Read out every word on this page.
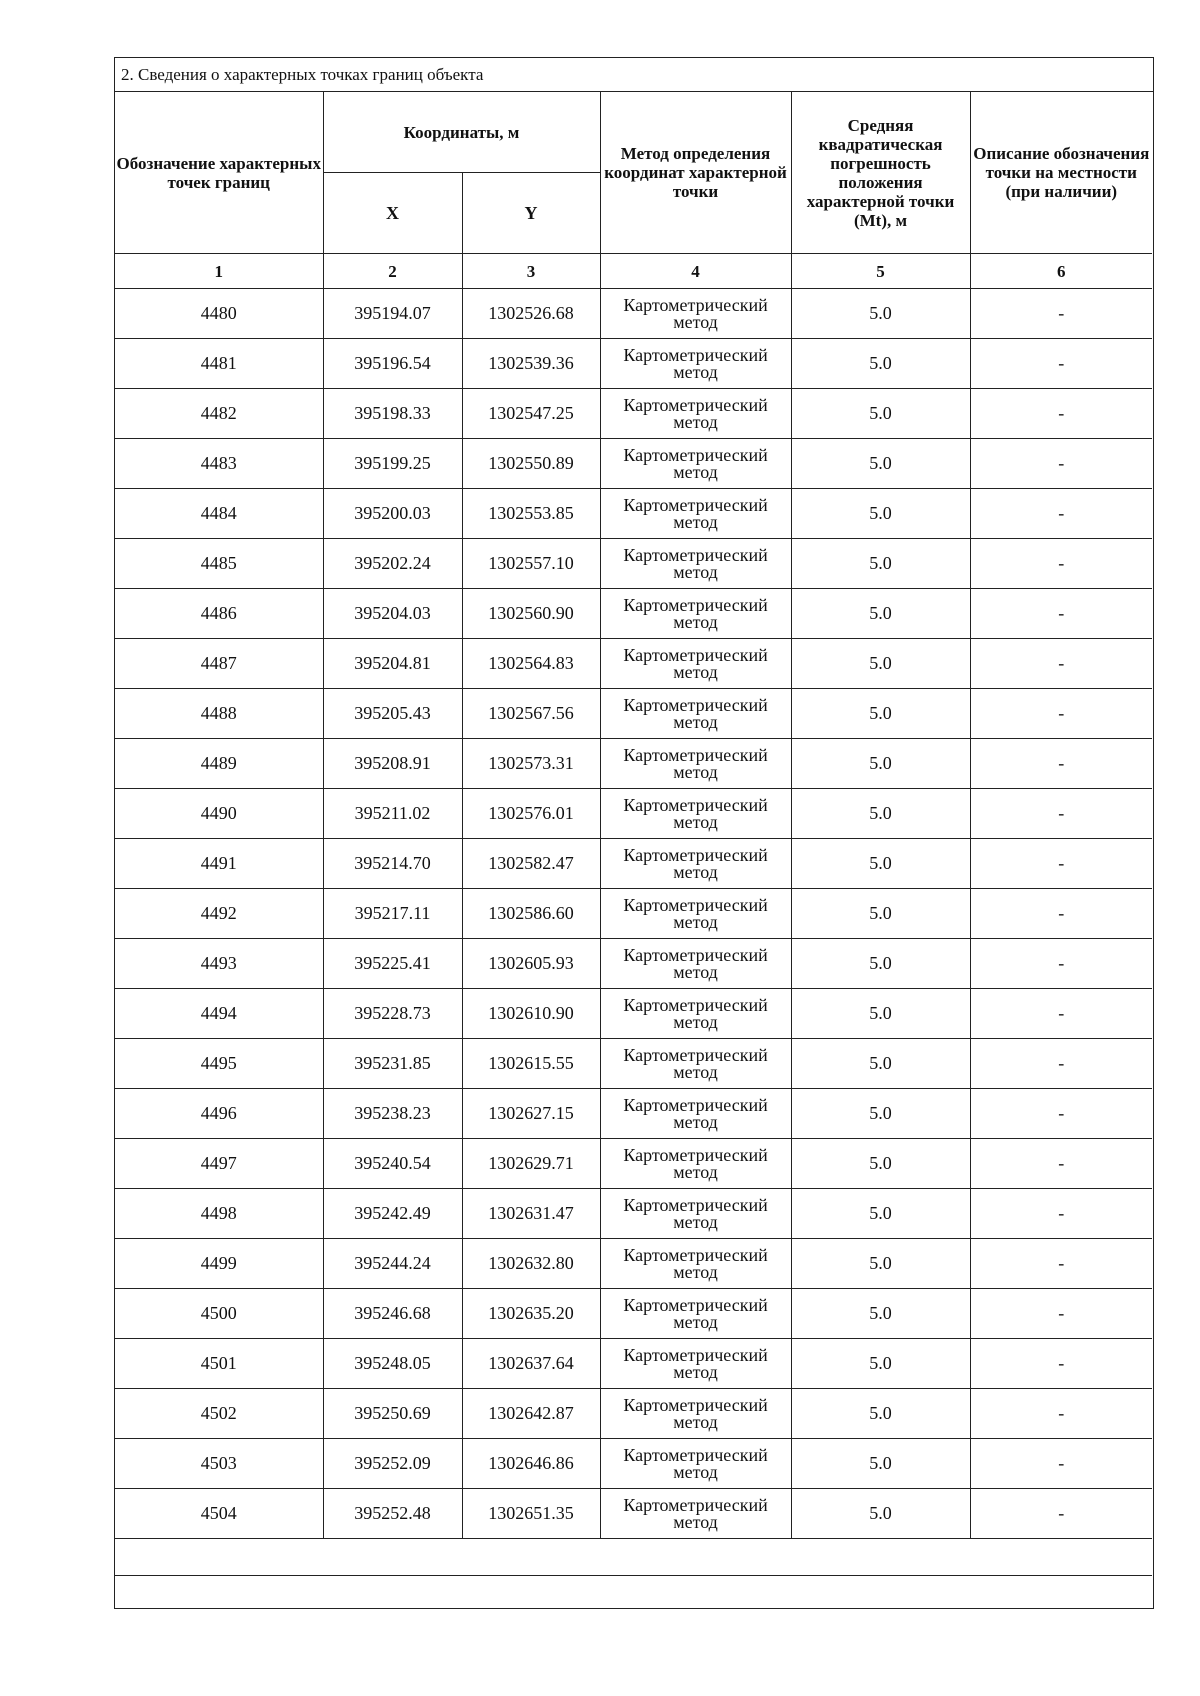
2. Сведения о характерных точках границ объекта
Обозначение характерных точек границ	Координаты, м		Метод определения координат характерной точки	Средняя квадратическая погрешность положения характерной точки (Mt), м	Описание обозначения точки на местности (при наличии)
	X	Y			
1	2	3	4	5	6
4480	395194.07	1302526.68	Картометрический метод	5.0	-
4481	395196.54	1302539.36	Картометрический метод	5.0	-
4482	395198.33	1302547.25	Картометрический метод	5.0	-
4483	395199.25	1302550.89	Картометрический метод	5.0	-
4484	395200.03	1302553.85	Картометрический метод	5.0	-
4485	395202.24	1302557.10	Картометрический метод	5.0	-
4486	395204.03	1302560.90	Картометрический метод	5.0	-
4487	395204.81	1302564.83	Картометрический метод	5.0	-
4488	395205.43	1302567.56	Картометрический метод	5.0	-
4489	395208.91	1302573.31	Картометрический метод	5.0	-
4490	395211.02	1302576.01	Картометрический метод	5.0	-
4491	395214.70	1302582.47	Картометрический метод	5.0	-
4492	395217.11	1302586.60	Картометрический метод	5.0	-
4493	395225.41	1302605.93	Картометрический метод	5.0	-
4494	395228.73	1302610.90	Картометрический метод	5.0	-
4495	395231.85	1302615.55	Картометрический метод	5.0	-
4496	395238.23	1302627.15	Картометрический метод	5.0	-
4497	395240.54	1302629.71	Картометрический метод	5.0	-
4498	395242.49	1302631.47	Картометрический метод	5.0	-
4499	395244.24	1302632.80	Картометрический метод	5.0	-
4500	395246.68	1302635.20	Картометрический метод	5.0	-
4501	395248.05	1302637.64	Картометрический метод	5.0	-
4502	395250.69	1302642.87	Картометрический метод	5.0	-
4503	395252.09	1302646.86	Картометрический метод	5.0	-
4504	395252.48	1302651.35	Картометрический метод	5.0	-
